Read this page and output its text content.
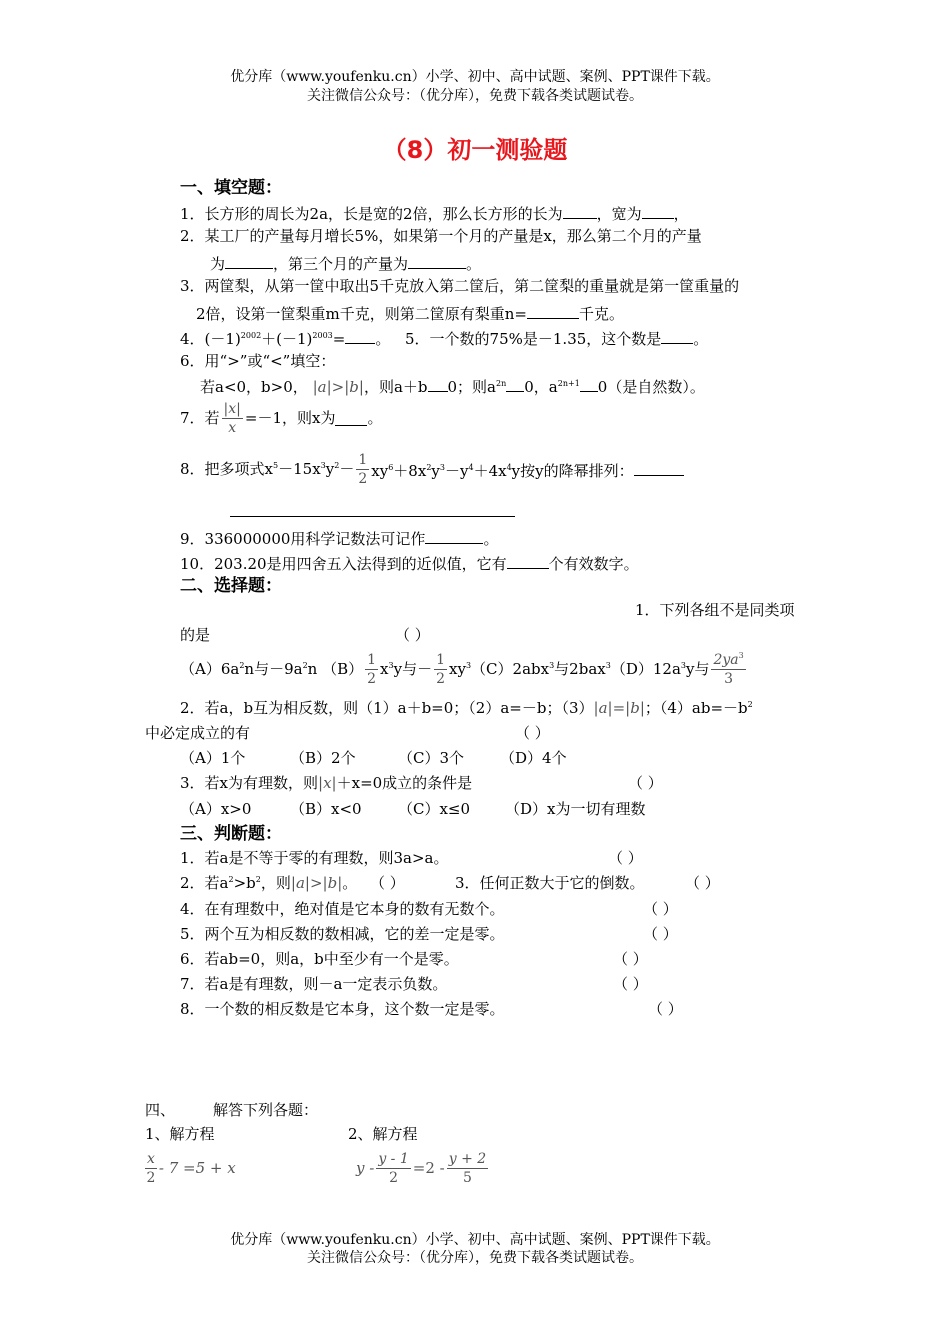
优分库（www.youfenku.cn）小学、初中、高中试题、案例、PPT课件下载。
关注微信公众号：（优分库），免费下载各类试题试卷。
（8）初一测验题
一、填空题：
1．长方形的周长为2a，长是宽的2倍，那么长方形的长为 ，宽为 ，
2．某工厂的产量每月增长5%，如果第一个月的产量是x，那么第二个月的产量
为	，第三个月的产量为	。
3．两筐梨，从第一筐中取出5千克放入第二筐后，第二筐梨的重量就是第一筐重量的
2倍，设第一筐梨重m千克，则第二筐原有梨重n=	千克。
4．$(-1)^{2002}+(-1)^{2003}=$ 。 5．一个数的75%是－1.35，这个数是 。
6．用“>”或“<”填空：
若a<0，b>0， |a|>|b|，则a＋b 0；则$a^{2n}$ 0，$a^{2n+1}$ 0（是自然数）。
7．若 $\frac{|x|}{x} =-1$，则x为 。
8．把多项式$x^5-15x^3y^2- \frac{1}{2} xy^6+8x^2y^3-y^4+4x^4y$按y的降幂排列：
9．336000000用科学记数法可记作	。
10．203.20是用四舍五入法得到的近似值，它有	个有效数字。
二、选择题：
1．下列各组不是同类项
的是	（ ）
$(A)6a^2n$与$-9a^2n$ $(B) \frac{1}{2} x^3y$与－ $\frac{1}{2} xy^3(C)2abx^3$与$2bax^3(D)12a^3y$与 $\frac{2ya^3}{3}$
2．若a，b互为相反数，则（1）a＋b=0；（2）a=－b；（3）|a|=|b|；$(4)ab=-b^2$
中必定成立的有	（ ）
（A）1个	（B）2个	（C）3个 （D）4个
3．若x为有理数，则|x|＋x=0成立的条件是	（ ）
（A）x>0	（B）x<0 （C）x≤0 （D）x为一切有理数
三、判断题：
1．若a是不等于零的有理数，则3a>a。	（ ）
2．若$a^2>b^2$，则|a|>|b|。 （ ）	3．任何正数大于它的倒数。	（ ）
4．在有理数中，绝对值是它本身的数有无数个。	（ ）
5．两个互为相反数的数相减，它的差一定是零。	（ ）
6．若ab=0，则a，b中至少有一个是零。	（ ）
7．若a是有理数，则－a一定表示负数。	（ ）
8．一个数的相反数是它本身，这个数一定是零。	（ ）
四、	解答下列各题：
1、解方程	2、解方程
$\frac{x}{2} - 7 =5 + x$	$y - \frac{y - 1}{2} =2 - \frac{y + 2}{5}$
优分库（www.youfenku.cn）小学、初中、高中试题、案例、PPT课件下载。
关注微信公众号：（优分库），免费下载各类试题试卷。
